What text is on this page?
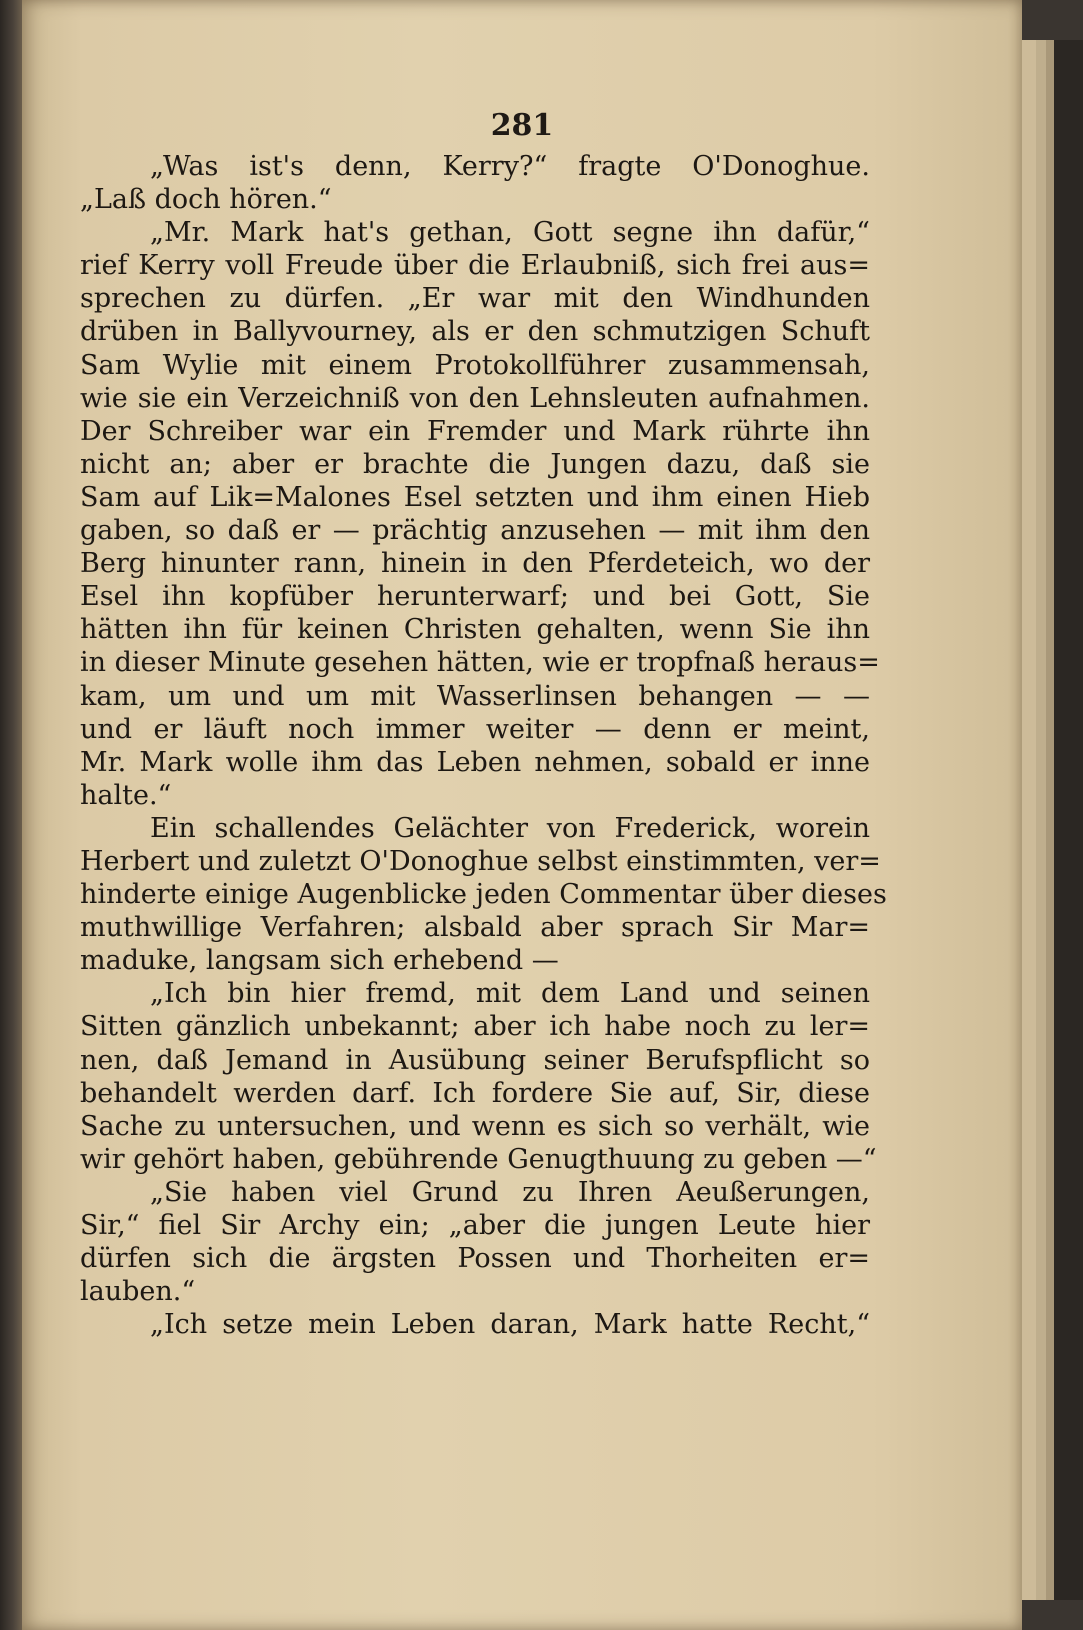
281
„Was ist's denn, Kerry?“ fragte O'Donoghue.
„Laß doch hören.“
„Mr. Mark hat's gethan, Gott segne ihn dafür,“
rief Kerry voll Freude über die Erlaubniß, sich frei aus=
sprechen zu dürfen. „Er war mit den Windhunden
drüben in Ballyvourney, als er den schmutzigen Schuft
Sam Wylie mit einem Protokollführer zusammensah,
wie sie ein Verzeichniß von den Lehnsleuten aufnahmen.
Der Schreiber war ein Fremder und Mark rührte ihn
nicht an; aber er brachte die Jungen dazu, daß sie
Sam auf Lik=Malones Esel setzten und ihm einen Hieb
gaben, so daß er — prächtig anzusehen — mit ihm den
Berg hinunter rann, hinein in den Pferdeteich, wo der
Esel ihn kopfüber herunterwarf; und bei Gott, Sie
hätten ihn für keinen Christen gehalten, wenn Sie ihn
in dieser Minute gesehen hätten, wie er tropfnaß heraus=
kam, um und um mit Wasserlinsen behangen — —
und er läuft noch immer weiter — denn er meint,
Mr. Mark wolle ihm das Leben nehmen, sobald er inne
halte.“
Ein schallendes Gelächter von Frederick, worein
Herbert und zuletzt O'Donoghue selbst einstimmten, ver=
hinderte einige Augenblicke jeden Commentar über dieses
muthwillige Verfahren; alsbald aber sprach Sir Mar=
maduke, langsam sich erhebend —
„Ich bin hier fremd, mit dem Land und seinen
Sitten gänzlich unbekannt; aber ich habe noch zu ler=
nen, daß Jemand in Ausübung seiner Berufspflicht so
behandelt werden darf. Ich fordere Sie auf, Sir, diese
Sache zu untersuchen, und wenn es sich so verhält, wie
wir gehört haben, gebührende Genugthuung zu geben —“
„Sie haben viel Grund zu Ihren Aeußerungen,
Sir,“ fiel Sir Archy ein; „aber die jungen Leute hier
dürfen sich die ärgsten Possen und Thorheiten er=
lauben.“
„Ich setze mein Leben daran, Mark hatte Recht,“
